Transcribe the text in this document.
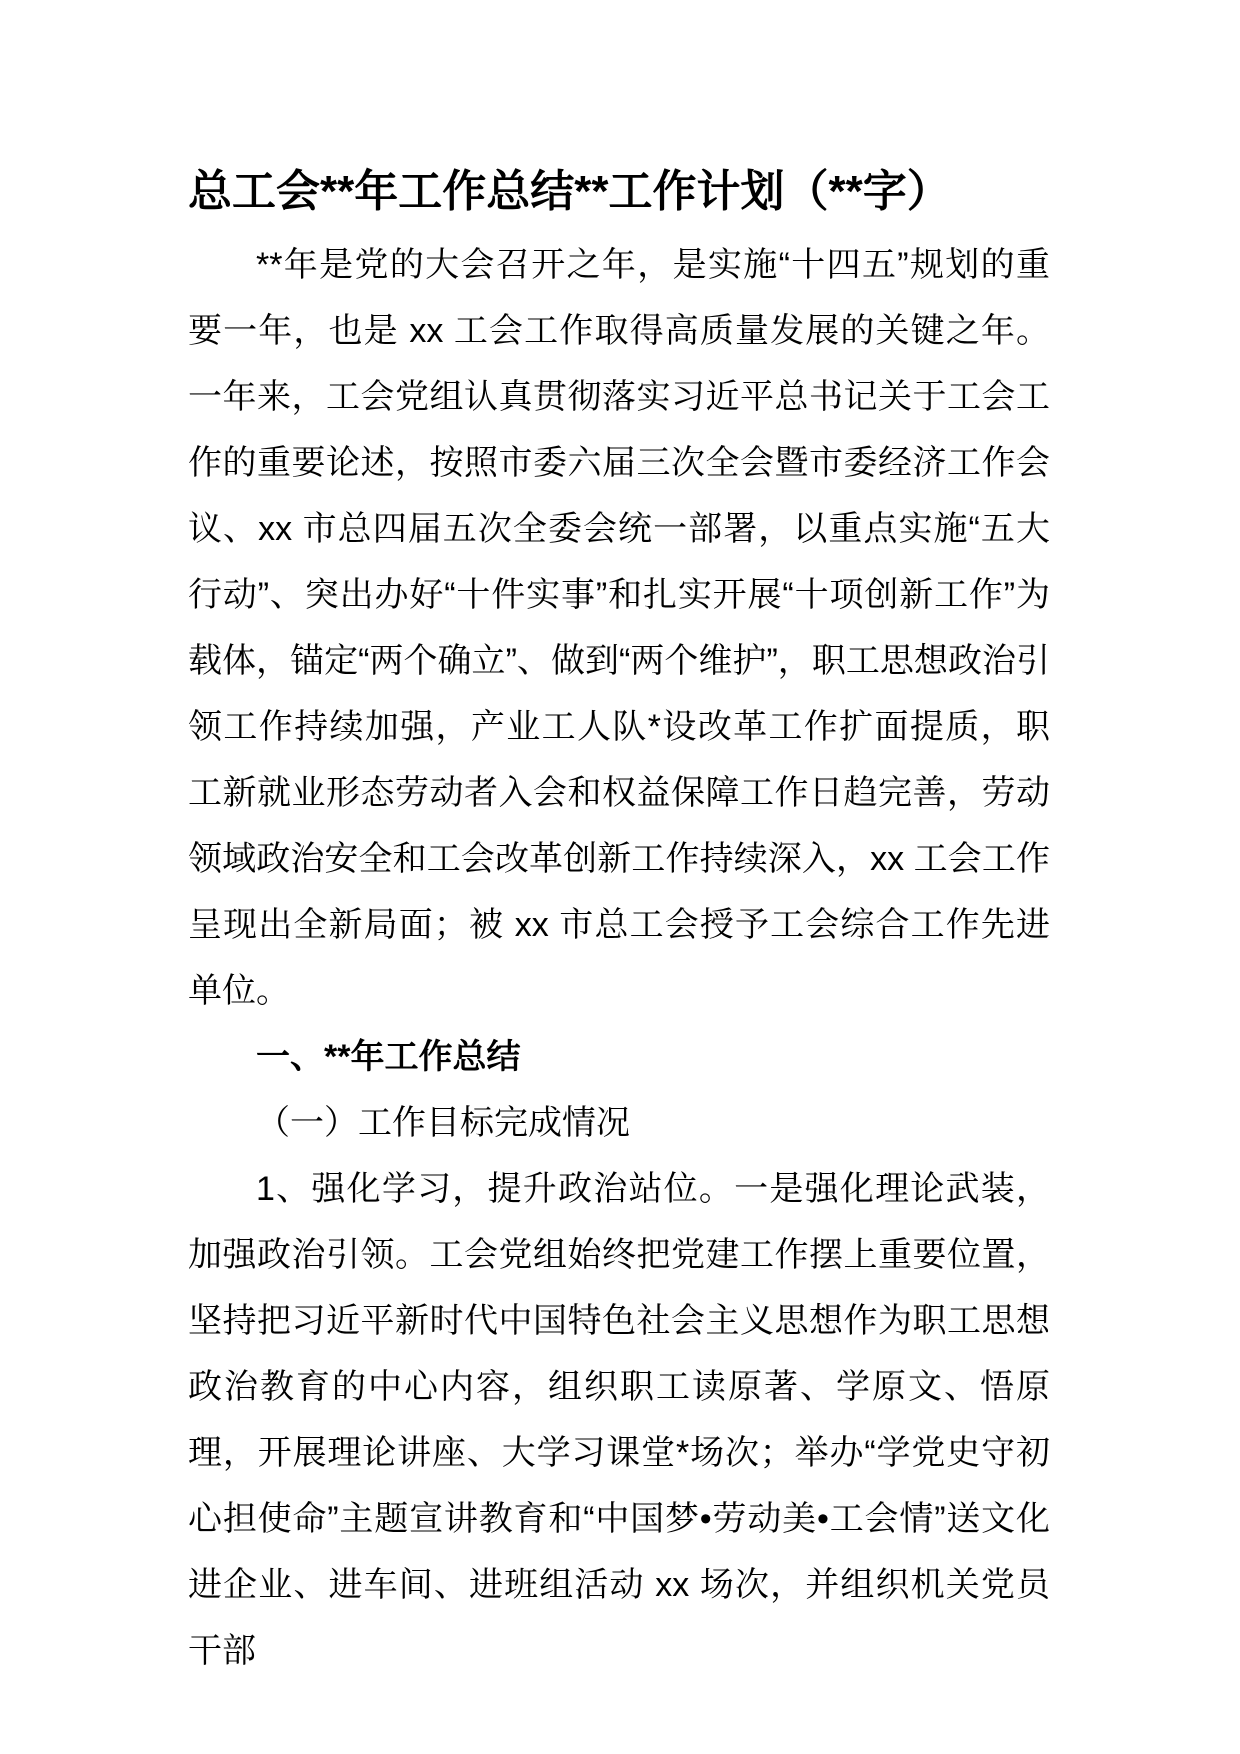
总工会**年工作总结**工作计划（**字）

**年是党的大会召开之年，是实施“十四五”规划的重要一年，也是 xx 工会工作取得高质量发展的关键之年。一年来，工会党组认真贯彻落实习近平总书记关于工会工作的重要论述，按照市委六届三次全会暨市委经济工作会议、xx 市总四届五次全委会统一部署，以重点实施“五大行动”、突出办好“十件实事”和扎实开展“十项创新工作”为载体，锚定“两个确立”、做到“两个维护”，职工思想政治引领工作持续加强，产业工人队*设改革工作扩面提质，职工新就业形态劳动者入会和权益保障工作日趋完善，劳动领域政治安全和工会改革创新工作持续深入，xx 工会工作呈现出全新局面；被 xx 市总工会授予工会综合工作先进单位。

一、**年工作总结

（一）工作目标完成情况

1、强化学习，提升政治站位。一是强化理论武装，加强政治引领。工会党组始终把党建工作摆上重要位置，坚持把习近平新时代中国特色社会主义思想作为职工思想政治教育的中心内容，组织职工读原著、学原文、悟原理，开展理论讲座、大学习课堂*场次；举办“学党史守初心担使命”主题宣讲教育和“中国梦•劳动美•工会情”送文化进企业、进车间、进班组活动 xx 场次，并组织机关党员干部
